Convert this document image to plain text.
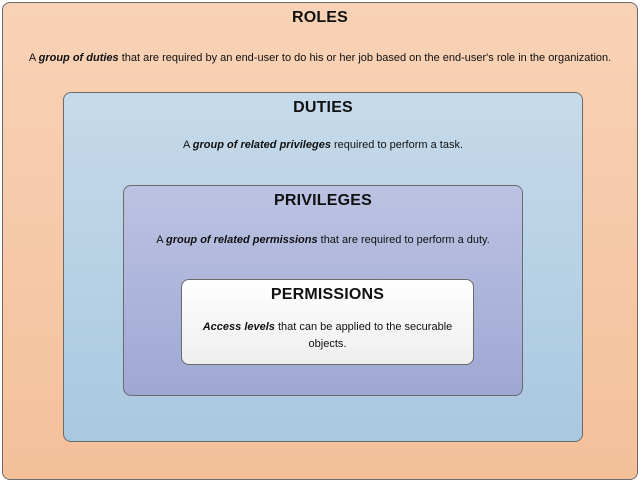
ROLES
A group of duties that are required by an end-user to do his or her job based on the end-user's role in the organization.
DUTIES
A group of related privileges required to perform a task.
PRIVILEGES
A group of related permissions that are required to perform a duty.
PERMISSIONS
Access levels that can be applied to the securable objects.
